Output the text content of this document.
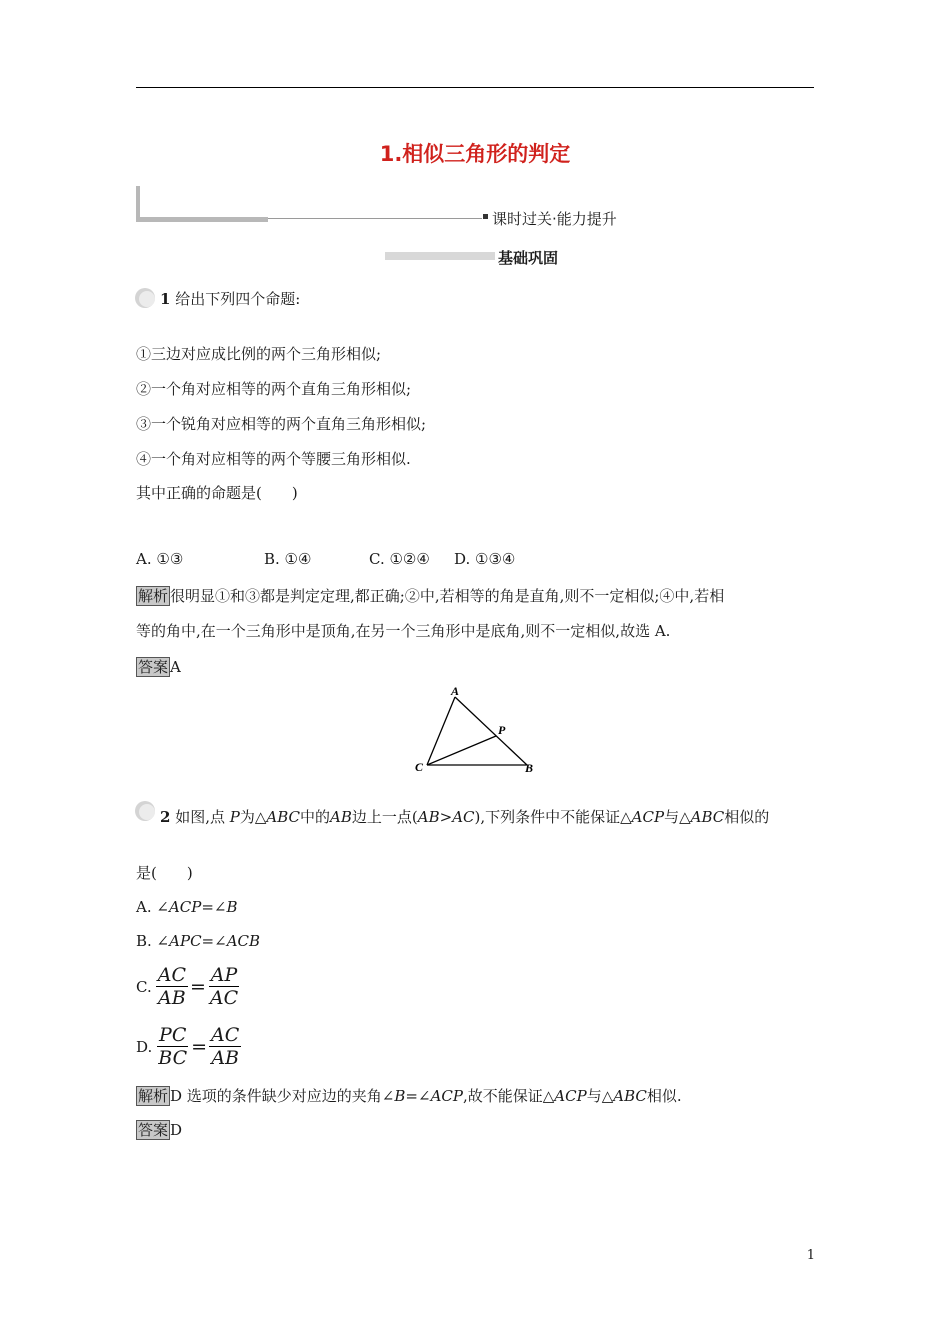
1.相似三角形的判定
课时过关·能力提升
基础巩固
1 给出下列四个命题:
①三边对应成比例的两个三角形相似;
②一个角对应相等的两个直角三角形相似;
③一个锐角对应相等的两个直角三角形相似;
④一个角对应相等的两个等腰三角形相似.
其中正确的命题是(　　)
A. ①③	B. ①④	C. ①②④ D. ①③④
解析 很明显①和③都是判定定理,都正确;②中,若相等的角是直角,则不一定相似;④中,若相
等的角中,在一个三角形中是顶角,在另一个三角形中是底角,则不一定相似,故选 A.
答案 A
A
P
C	B
2 如图,点 P为△ABC中的AB边上一点(AB>AC),下列条件中不能保证△ACP与△ABC相似的
是(　　)
A. ∠ACP=∠B
B. ∠APC=∠ACB
C. $\frac{AC}{AB} = \frac{AP}{AC}$
D. $\frac{PC}{BC} = \frac{AC}{AB}$
解析 D 选项的条件缺少对应边的夹角∠B=∠ACP,故不能保证△ACP与△ABC相似.
答案 D
1
